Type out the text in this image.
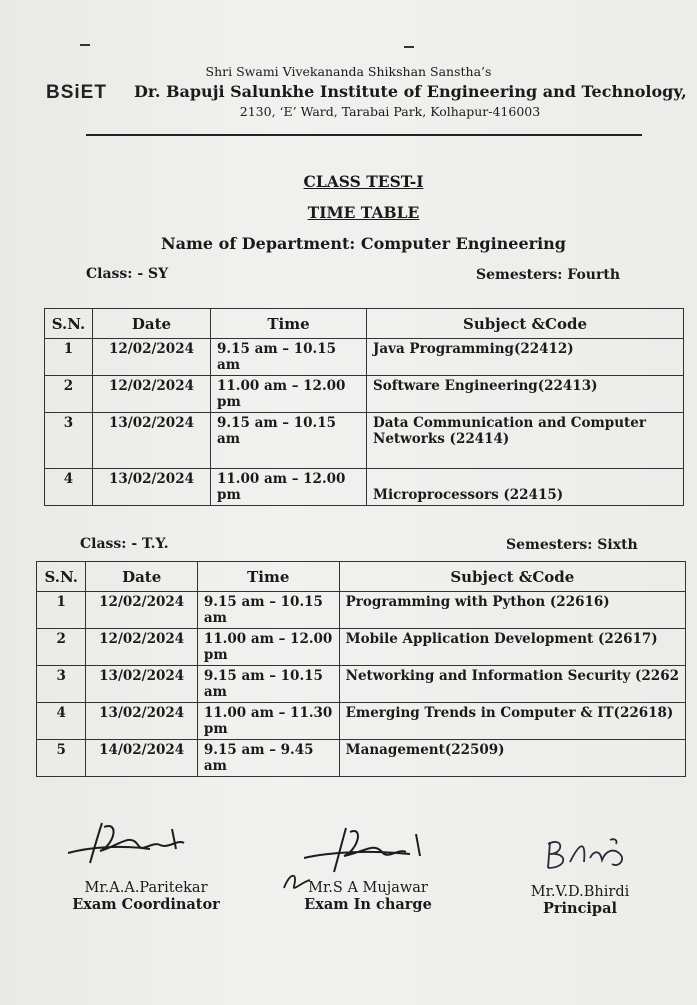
Shri Swami Vivekananda Shikshan Sanstha’s
BSiET Dr. Bapuji Salunkhe Institute of Engineering and Technology,
2130, ‘E’ Ward, Tarabai Park, Kolhapur-416003
CLASS TEST-I
TIME TABLE
Name of Department: Computer Engineering
Class: - SY	Semesters: Fourth
S.N.	Date	Time	Subject &Code
1	12/02/2024	9.15 am – 10.15 am	Java Programming(22412)
2	12/02/2024	11.00 am – 12.00 pm	Software Engineering(22413)
3	13/02/2024	9.15 am – 10.15 am	Data Communication and Computer Networks (22414)
4	13/02/2024	11.00 am – 12.00 pm	Microprocessors (22415)
Class: - T.Y.	Semesters: Sixth
S.N.	Date	Time	Subject &Code
1	12/02/2024	9.15 am – 10.15 am	Programming with Python (22616)
2	12/02/2024	11.00 am – 12.00 pm	Mobile Application Development (22617)
3	13/02/2024	9.15 am – 10.15 am	Networking and Information Security (2262
4	13/02/2024	11.00 am – 11.30 pm	Emerging Trends in Computer & IT(22618)
5	14/02/2024	9.15 am – 9.45 am	Management(22509)
Mr.A.A.Paritekar
Exam Coordinator
Mr.S A Mujawar
Exam In charge
Mr.V.D.Bhirdi
Principal
